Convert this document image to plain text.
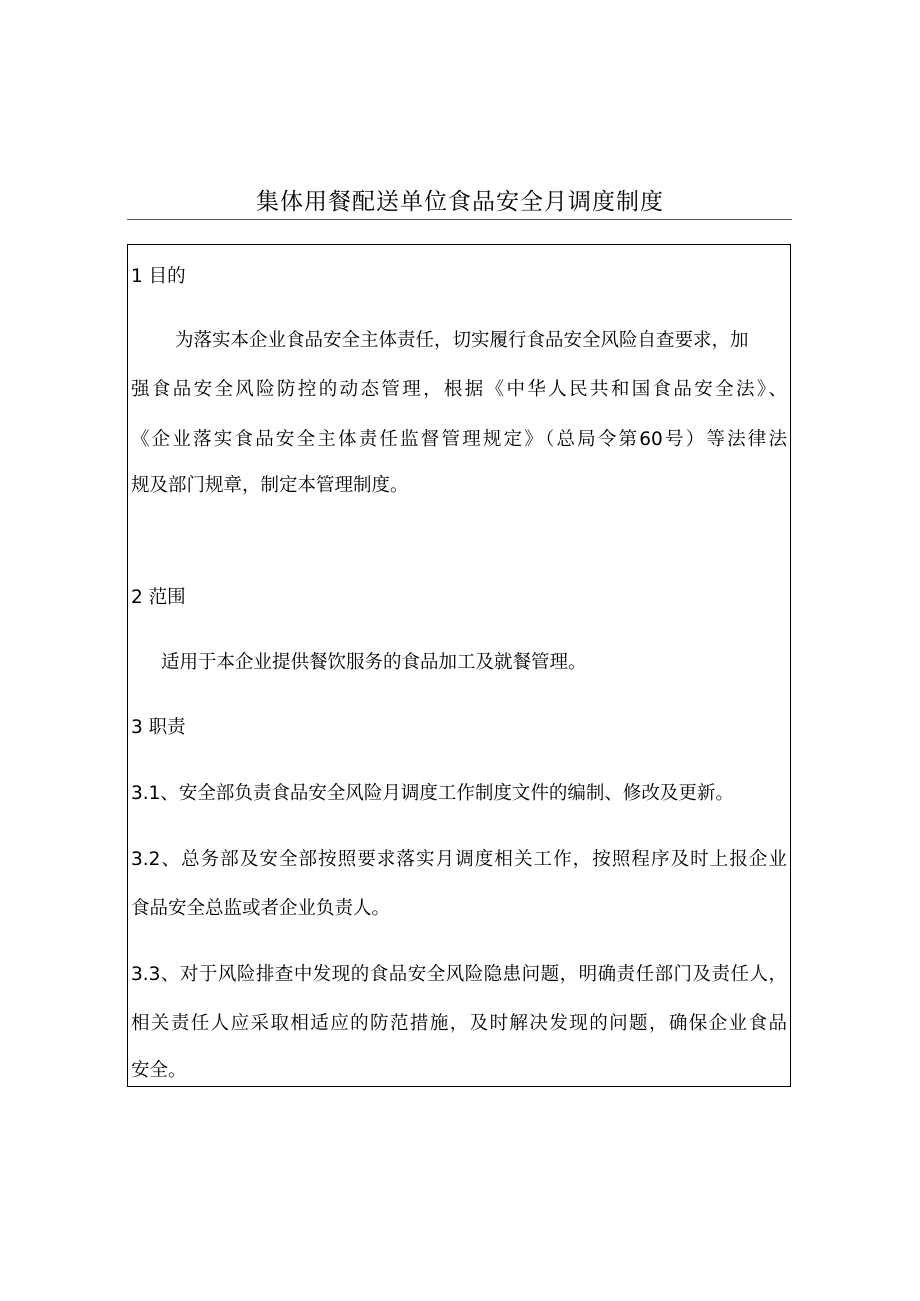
集体用餐配送单位食品安全月调度制度
1 目的
为落实本企业食品安全主体责任，切实履行食品安全风险自查要求，加
强食品安全风险防控的动态管理，根据《中华人民共和国食品安全法》、
《企业落实食品安全主体责任监督管理规定》（总局令第60号）等法律法
规及部门规章，制定本管理制度。
2 范围
适用于本企业提供餐饮服务的食品加工及就餐管理。
3 职责
3.1、安全部负责食品安全风险月调度工作制度文件的编制、修改及更新。
3.2、总务部及安全部按照要求落实月调度相关工作，按照程序及时上报企业
食品安全总监或者企业负责人。
3.3、对于风险排查中发现的食品安全风险隐患问题，明确责任部门及责任人，
相关责任人应采取相适应的防范措施，及时解决发现的问题，确保企业食品
安全。
